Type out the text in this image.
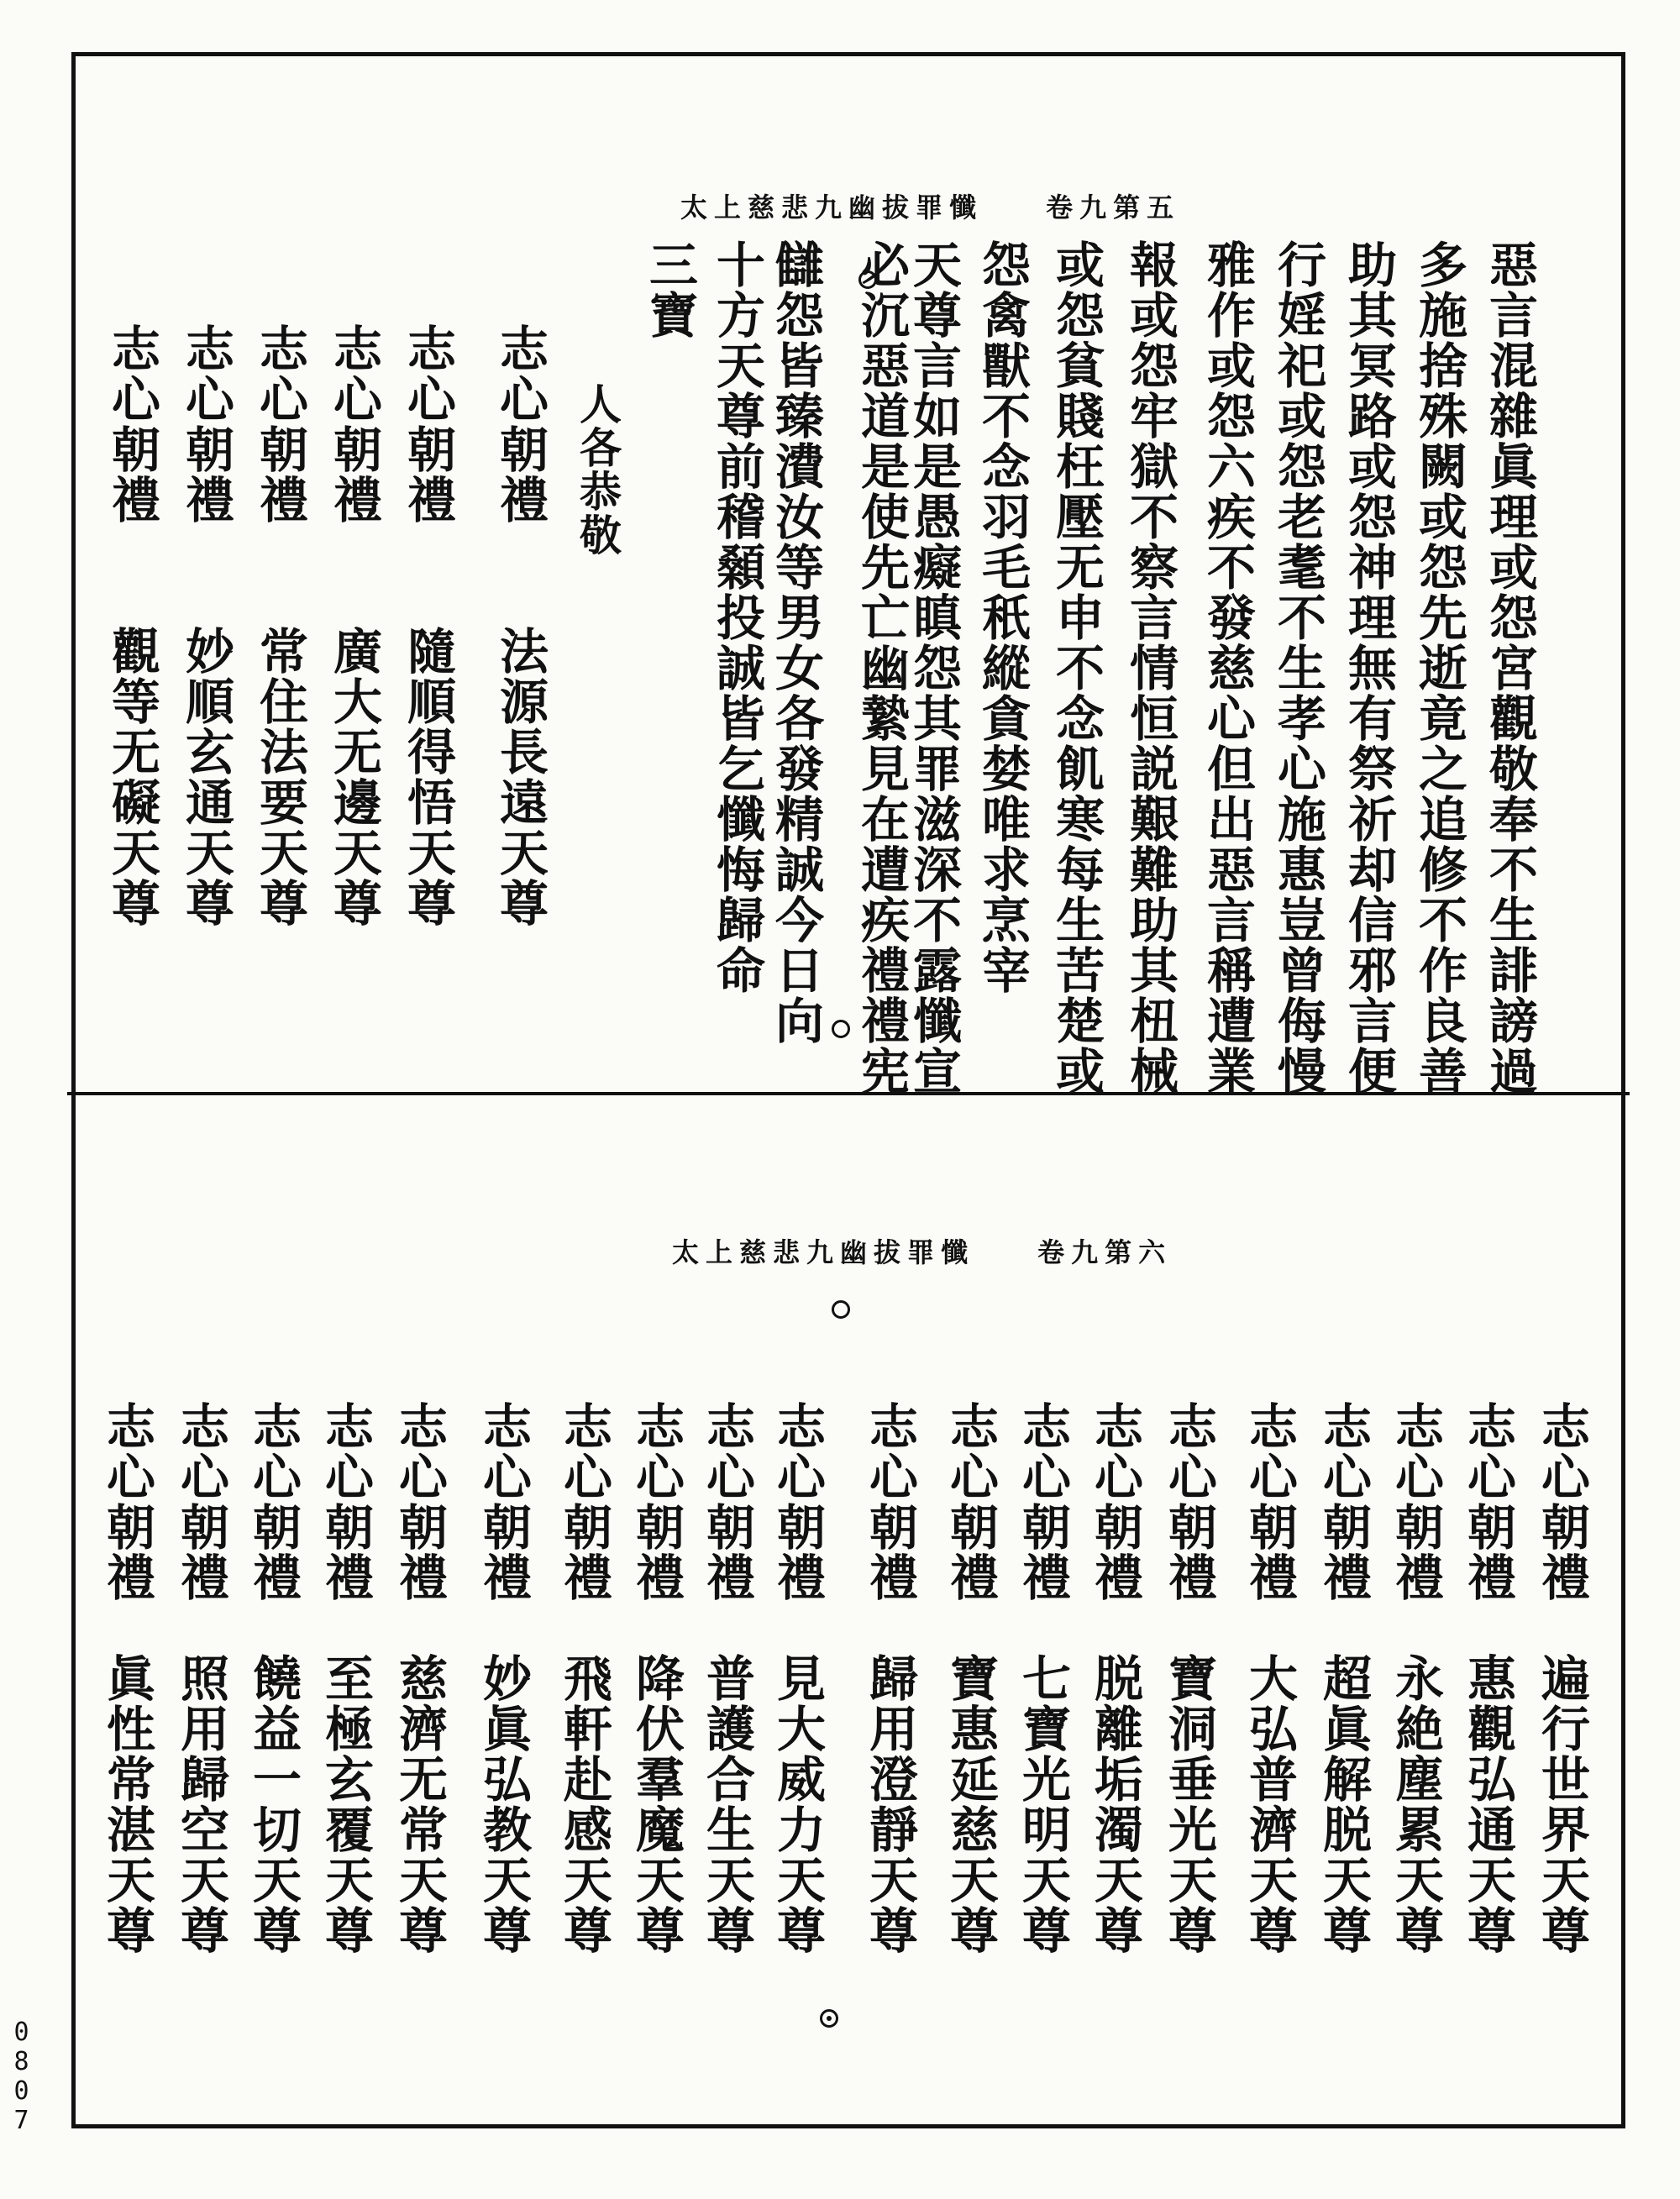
太上慈悲九幽拔罪懺 卷九第五
惡言混雜眞理或怨宮觀敬奉不生誹謗過
多施捨殊闕或怨先逝竟之追修不作良善
助其冥路或怨神理無有祭祈却信邪言便
行婬祀或怨老耄不生孝心施惠豈曾侮慢
雅作或怨六疾不發慈心但出惡言稱遭業
報或怨牢獄不察言情恒説艱難助其杻械
或怨貧賤枉壓无申不念飢寒每生苦楚或
怨禽獸不念羽毛秖縱貪婪唯求烹宰
天尊言如是愚癡瞋怨其罪滋深不露懺宣
必沉惡道是使先亡幽縶見在遭疾禮禮宪
讎怨皆臻㵒汝等男女各發精誠今日向
十方天尊前稽顙投誠皆乞懺悔歸命
三寶
人各恭敬
志心朝禮　　法源長遠天尊
志心朝禮　　隨順得悟天尊
志心朝禮　　廣大无邊天尊
志心朝禮　　常住法要天尊
志心朝禮　　妙順玄通天尊
志心朝禮　　觀等无礙天尊
太上慈悲九幽拔罪懺 卷九第六
志心朝禮　遍行世界天尊
志心朝禮　惠觀弘通天尊
志心朝禮　永絶塵累天尊
志心朝禮　超眞解脱天尊
志心朝禮　大弘普濟天尊
志心朝禮　寶洞垂光天尊
志心朝禮　脱離垢濁天尊
志心朝禮　七寶光明天尊
志心朝禮　寶惠延慈天尊
志心朝禮　歸用澄靜天尊
志心朝禮　見大威力天尊
志心朝禮　普護合生天尊
志心朝禮　降伏羣魔天尊
志心朝禮　飛軒赴感天尊
志心朝禮　妙眞弘教天尊
志心朝禮　慈濟无常天尊
志心朝禮　至極玄覆天尊
志心朝禮　饒益一切天尊
志心朝禮　照用歸空天尊
志心朝禮　眞性常湛天尊
0807
